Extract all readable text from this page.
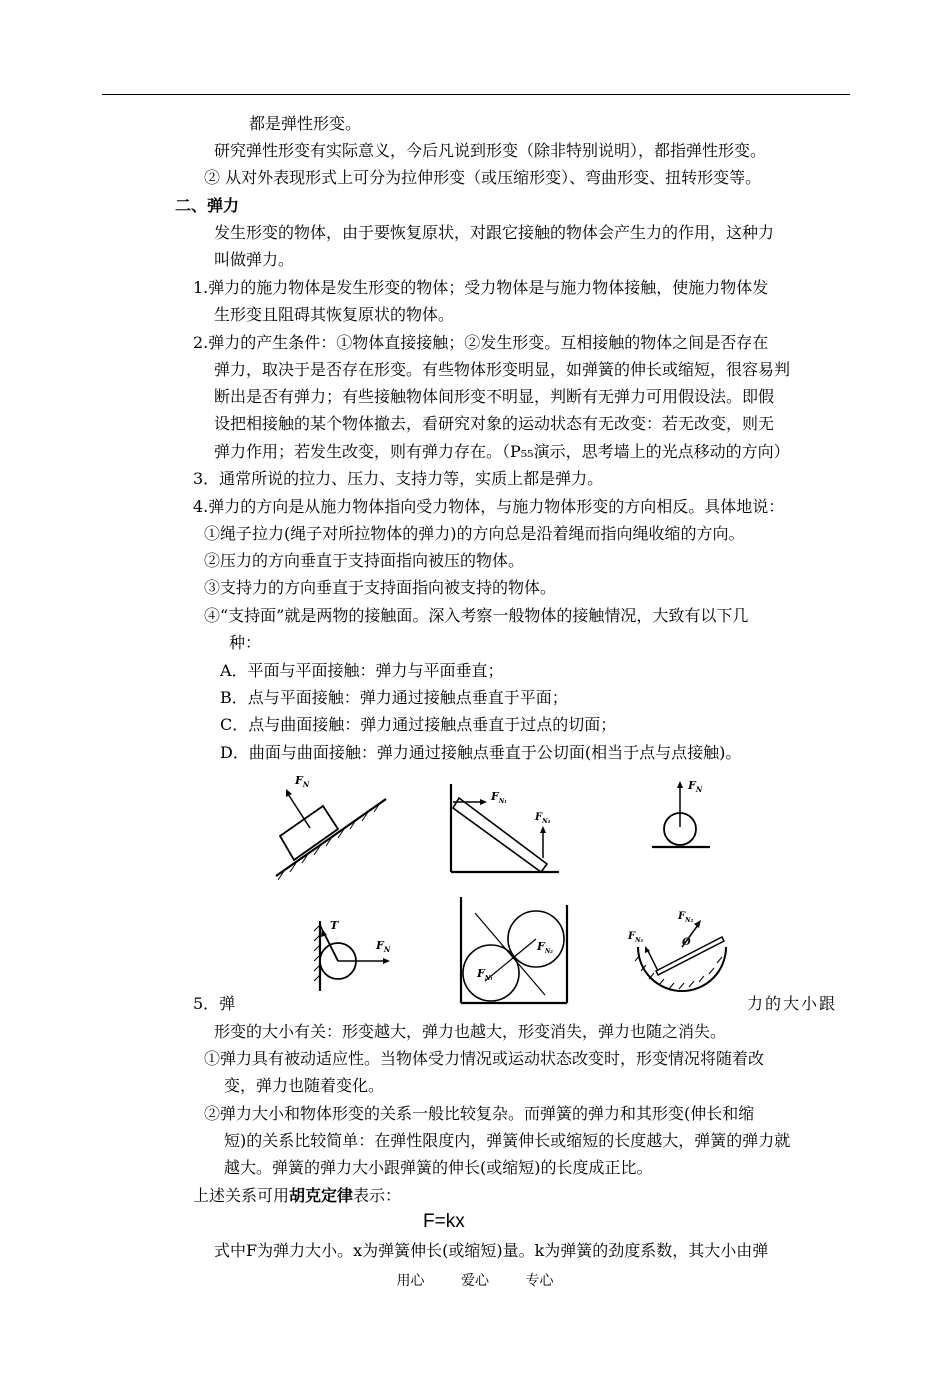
都是弹性形变。
研究弹性形变有实际意义，今后凡说到形变（除非特别说明），都指弹性形变。
② 从对外表现形式上可分为拉伸形变（或压缩形变）、弯曲形变、扭转形变等。
二、弹力
发生形变的物体，由于要恢复原状，对跟它接触的物体会产生力的作用，这种力
叫做弹力。
1.弹力的施力物体是发生形变的物体；受力物体是与施力物体接触，使施力物体发
生形变且阻碍其恢复原状的物体。
2.弹力的产生条件：①物体直接接触；②发生形变。互相接触的物体之间是否存在
弹力，取决于是否存在形变。有些物体形变明显，如弹簧的伸长或缩短，很容易判
断出是否有弹力；有些接触物体间形变不明显，判断有无弹力可用假设法。即假
设把相接触的某个物体撤去，看研究对象的运动状态有无改变：若无改变，则无
弹力作用；若发生改变，则有弹力存在。（P₅₅演示，思考墙上的光点移动的方向）
3．通常所说的拉力、压力、支持力等，实质上都是弹力。
4.弹力的方向是从施力物体指向受力物体，与施力物体形变的方向相反。具体地说：
①绳子拉力(绳子对所拉物体的弹力)的方向总是沿着绳而指向绳收缩的方向。
②压力的方向垂直于支持面指向被压的物体。
③支持力的方向垂直于支持面指向被支持的物体。
④“支持面”就是两物的接触面。深入考察一般物体的接触情况，大致有以下几
种：
A．平面与平面接触：弹力与平面垂直；
B．点与平面接触：弹力通过接触点垂直于平面；
C．点与曲面接触：弹力通过接触点垂直于过点的切面；
D．曲面与曲面接触：弹力通过接触点垂直于公切面(相当于点与点接触)。
$F_N$
$F_{N_1}$
$F_{N_2}$
$F_N$
T
$F_N$	$F_{N_2}$
$F_{N_1}$
$F_{N_2}$
$F_{N_1}$	O
5．弹	力的大小跟
形变的大小有关：形变越大，弹力也越大，形变消失，弹力也随之消失。
①弹力具有被动适应性。当物体受力情况或运动状态改变时，形变情况将随着改
变，弹力也随着变化。
②弹力大小和物体形变的关系一般比较复杂。而弹簧的弹力和其形变(伸长和缩
短)的关系比较简单：在弹性限度内，弹簧伸长或缩短的长度越大，弹簧的弹力就
越大。弹簧的弹力大小跟弹簧的伸长(或缩短)的长度成正比。
上述关系可用胡克定律表示：
F=kx
式中F为弹力大小。x为弹簧伸长(或缩短)量。k为弹簧的劲度系数，其大小由弹
用心	爱心	专心
